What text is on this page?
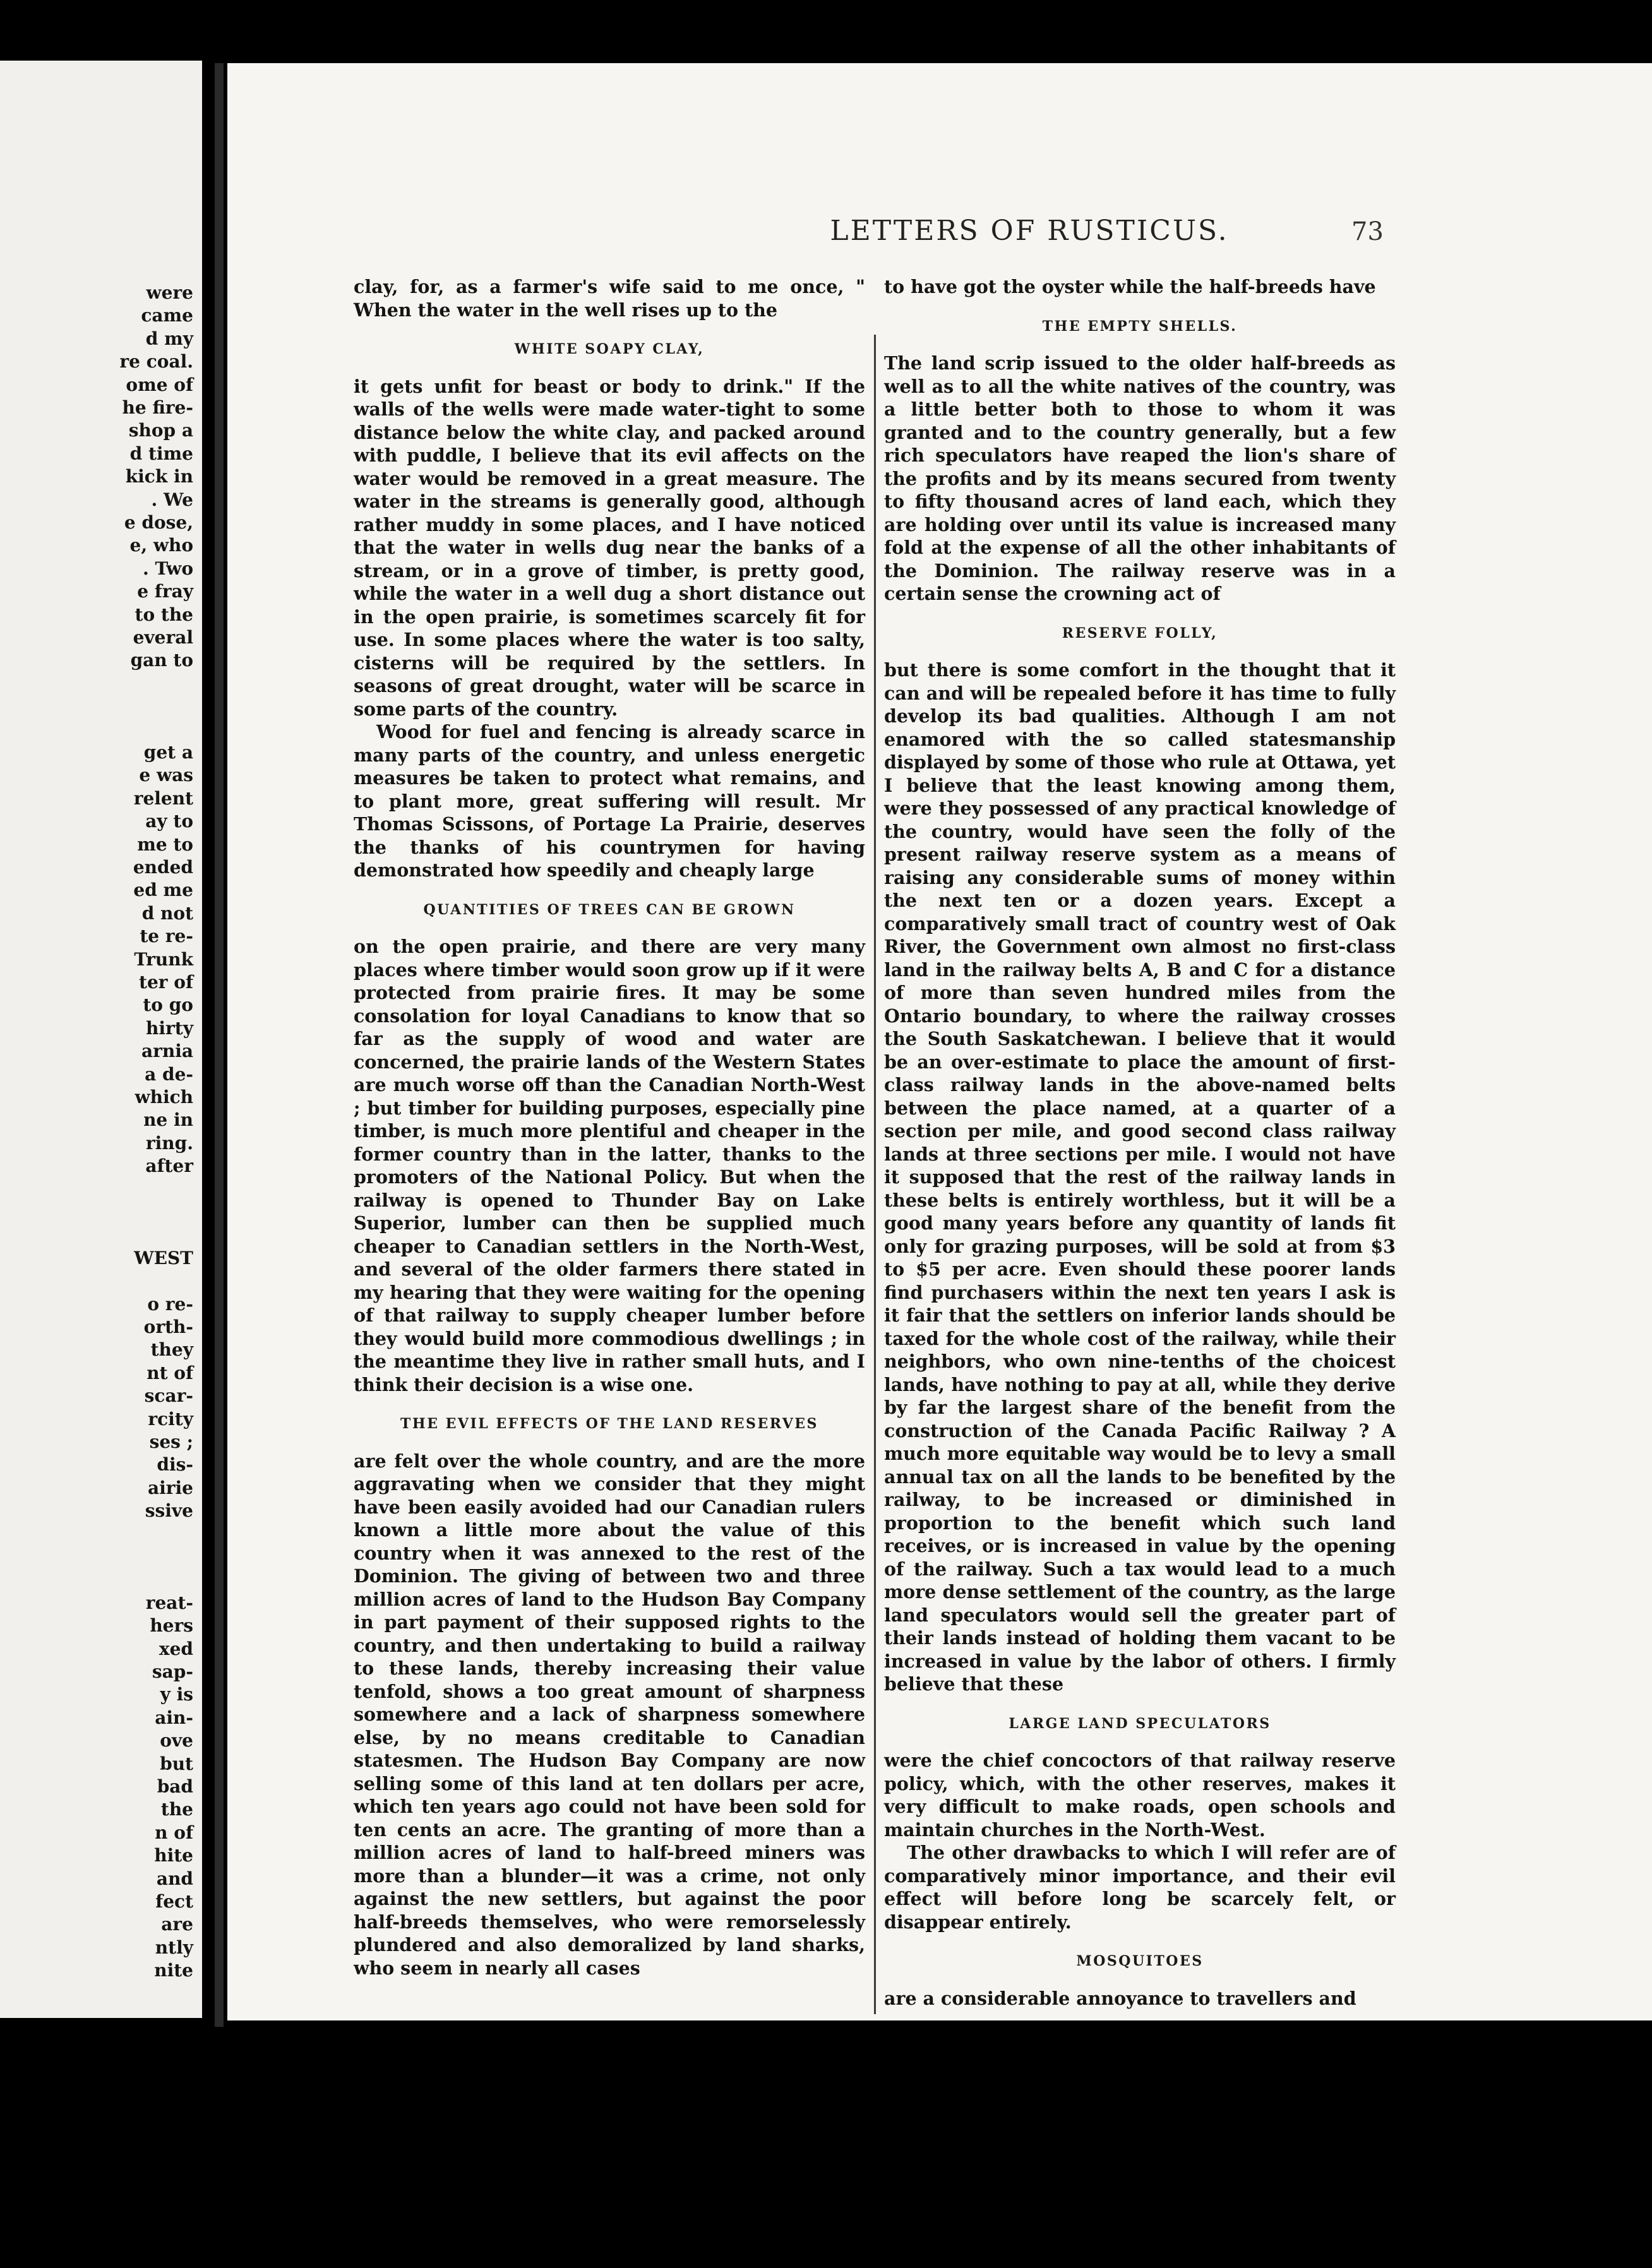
were

came

d my

re coal.

ome of

he fire-

shop a

d time

kick in

. We

e dose,

e, who

. Two

e fray

to the

everal

gan to

get a

e was

relent

ay to

me to

ended

ed me

d not

te re-

Trunk

ter of

to go

hirty

arnia

a de-

which

ne in

ring.

after

WEST

o re-

orth-

they

nt of

scar-

rcity

ses ;

dis-

airie

ssive

reat-

hers

xed

sap-

y is

ain-

ove

but

bad

the

n of

hite

and

fect

are

ntly

nite

LETTERS OF RUSTICUS.	73

clay, for, as a farmer's wife said to me once, " When the water in the well rises up to the

WHITE SOAPY CLAY,

it gets unfit for beast or body to drink." If the walls of the wells were made water-tight to some distance below the white clay, and packed around with puddle, I believe that its evil affects on the water would be removed in a great measure. The water in the streams is generally good, although rather muddy in some places, and I have noticed that the water in wells dug near the banks of a stream, or in a grove of timber, is pretty good, while the water in a well dug a short distance out in the open prairie, is sometimes scarcely fit for use. In some places where the water is too salty, cisterns will be required by the settlers. In seasons of great drought, water will be scarce in some parts of the country.

Wood for fuel and fencing is already scarce in many parts of the country, and unless energetic measures be taken to protect what remains, and to plant more, great suffering will result. Mr Thomas Scissons, of Portage La Prairie, deserves the thanks of his countrymen for having demonstrated how speedily and cheaply large

QUANTITIES OF TREES CAN BE GROWN

on the open prairie, and there are very many places where timber would soon grow up if it were protected from prairie fires. It may be some consolation for loyal Canadians to know that so far as the supply of wood and water are concerned, the prairie lands of the Western States are much worse off than the Canadian North-West ; but timber for building purposes, especially pine timber, is much more plentiful and cheaper in the former country than in the latter, thanks to the promoters of the National Policy. But when the railway is opened to Thunder Bay on Lake Superior, lumber can then be supplied much cheaper to Canadian settlers in the North-West, and several of the older farmers there stated in my hearing that they were waiting for the opening of that railway to supply cheaper lumber before they would build more commodious dwellings ; in the meantime they live in rather small huts, and I think their decision is a wise one.

THE EVIL EFFECTS OF THE LAND RESERVES

are felt over the whole country, and are the more aggravating when we consider that they might have been easily avoided had our Canadian rulers known a little more about the value of this country when it was annexed to the rest of the Dominion. The giving of between two and three million acres of land to the Hudson Bay Company in part payment of their supposed rights to the country, and then undertaking to build a railway to these lands, thereby increasing their value tenfold, shows a too great amount of sharpness somewhere and a lack of sharpness somewhere else, by no means creditable to Canadian statesmen. The Hudson Bay Company are now selling some of this land at ten dollars per acre, which ten years ago could not have been sold for ten cents an acre. The granting of more than a million acres of land to half-breed miners was more than a blunder—it was a crime, not only against the new settlers, but against the poor half-breeds themselves, who were remorselessly plundered and also demoralized by land sharks, who seem in nearly all cases

to have got the oyster while the half-breeds have

THE EMPTY SHELLS.

The land scrip issued to the older half-breeds as well as to all the white natives of the country, was a little better both to those to whom it was granted and to the country generally, but a few rich speculators have reaped the lion's share of the profits and by its means secured from twenty to fifty thousand acres of land each, which they are holding over until its value is increased many fold at the expense of all the other inhabitants of the Dominion. The railway reserve was in a certain sense the crowning act of

RESERVE FOLLY,

but there is some comfort in the thought that it can and will be repealed before it has time to fully develop its bad qualities. Although I am not enamored with the so called statesmanship displayed by some of those who rule at Ottawa, yet I believe that the least knowing among them, were they possessed of any practical knowledge of the country, would have seen the folly of the present railway reserve system as a means of raising any considerable sums of money within the next ten or a dozen years. Except a comparatively small tract of country west of Oak River, the Government own almost no first-class land in the railway belts A, B and C for a distance of more than seven hundred miles from the Ontario boundary, to where the railway crosses the South Saskatchewan. I believe that it would be an over-estimate to place the amount of first-class railway lands in the above-named belts between the place named, at a quarter of a section per mile, and good second class railway lands at three sections per mile. I would not have it supposed that the rest of the railway lands in these belts is entirely worthless, but it will be a good many years before any quantity of lands fit only for grazing purposes, will be sold at from $3 to $5 per acre. Even should these poorer lands find purchasers within the next ten years I ask is it fair that the settlers on inferior lands should be taxed for the whole cost of the railway, while their neighbors, who own nine-tenths of the choicest lands, have nothing to pay at all, while they derive by far the largest share of the benefit from the construction of the Canada Pacific Railway ? A much more equitable way would be to levy a small annual tax on all the lands to be benefited by the railway, to be increased or diminished in proportion to the benefit which such land receives, or is increased in value by the opening of the railway. Such a tax would lead to a much more dense settlement of the country, as the large land speculators would sell the greater part of their lands instead of holding them vacant to be increased in value by the labor of others. I firmly believe that these

LARGE LAND SPECULATORS

were the chief concoctors of that railway reserve policy, which, with the other reserves, makes it very difficult to make roads, open schools and maintain churches in the North-West.

The other drawbacks to which I will refer are of comparatively minor importance, and their evil effect will before long be scarcely felt, or disappear entirely.

MOSQUITOES

are a considerable annoyance to travellers and
